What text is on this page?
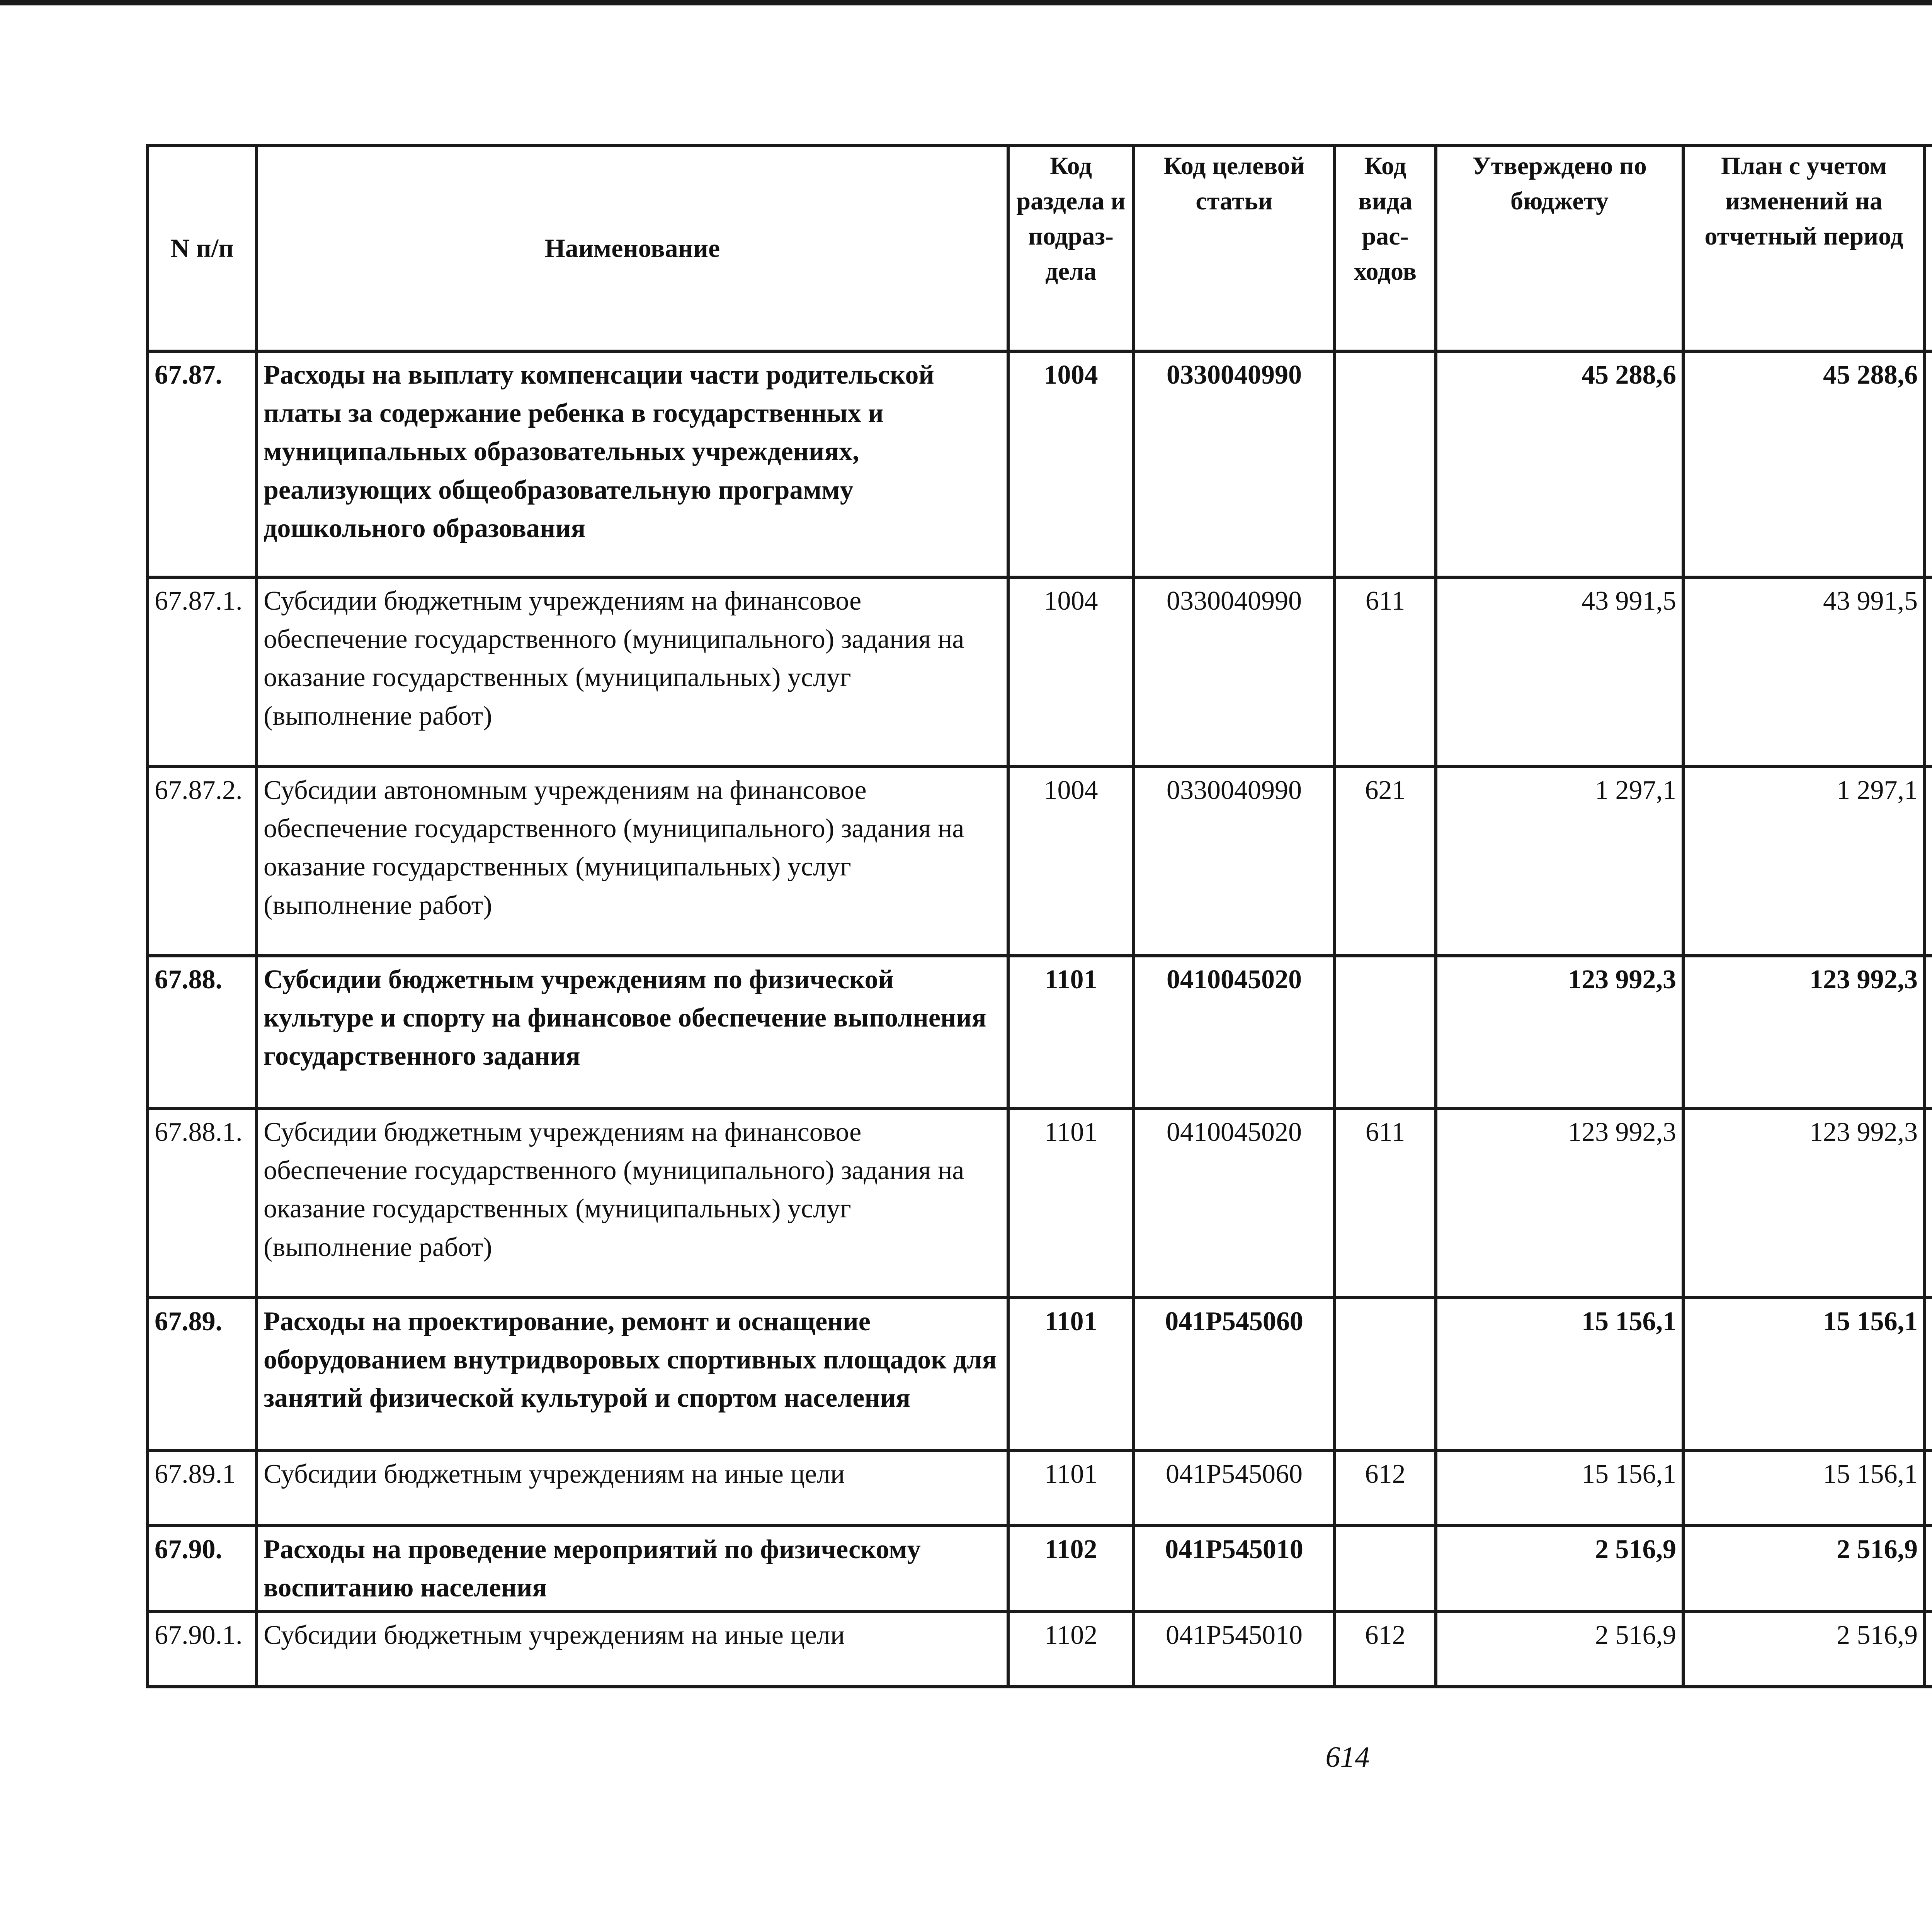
N п/п	Наименование	Код раздела и подраз-дела	Код целевой статьи	Код вида рас-ходов	Утверждено по бюджету	План с учетом изменений на отчетный период		

67.87.	Расходы на выплату компенсации части родительской платы за содержание ребенка в государственных и муниципальных образовательных учреждениях, реализующих общеобразовательную программу дошкольного образования	1004	0330040990		45 288,6	45 288,6			
67.87.1.	Субсидии бюджетным учреждениям на финансовое обеспечение государственного (муниципального) задания на оказание государственных (муниципальных) услуг (выполнение работ)	1004	0330040990	611	43 991,5	43 991,5			
67.87.2.	Субсидии автономным учреждениям на финансовое обеспечение государственного (муниципального) задания на оказание государственных (муниципальных) услуг (выполнение работ)	1004	0330040990	621	1 297,1	1 297,1			
67.88.	Субсидии бюджетным учреждениям по физической культуре и спорту на финансовое обеспечение выполнения государственного задания	1101	0410045020		123 992,3	123 992,3			
67.88.1.	Субсидии бюджетным учреждениям на финансовое обеспечение государственного (муниципального) задания на оказание государственных (муниципальных) услуг (выполнение работ)	1101	0410045020	611	123 992,3	123 992,3			
67.89.	Расходы на проектирование, ремонт и оснащение оборудованием внутридворовых спортивных площадок для занятий физической культурой и спортом населения	1101	041P545060		15 156,1	15 156,1			
67.89.1	Субсидии бюджетным учреждениям на иные цели	1101	041P545060	612	15 156,1	15 156,1			
67.90.	Расходы на проведение мероприятий по физическому воспитанию населения	1102	041P545010		2 516,9	2 516,9			
67.90.1.	Субсидии бюджетным учреждениям на иные цели	1102	041P545010	612	2 516,9	2 516,9			
614
